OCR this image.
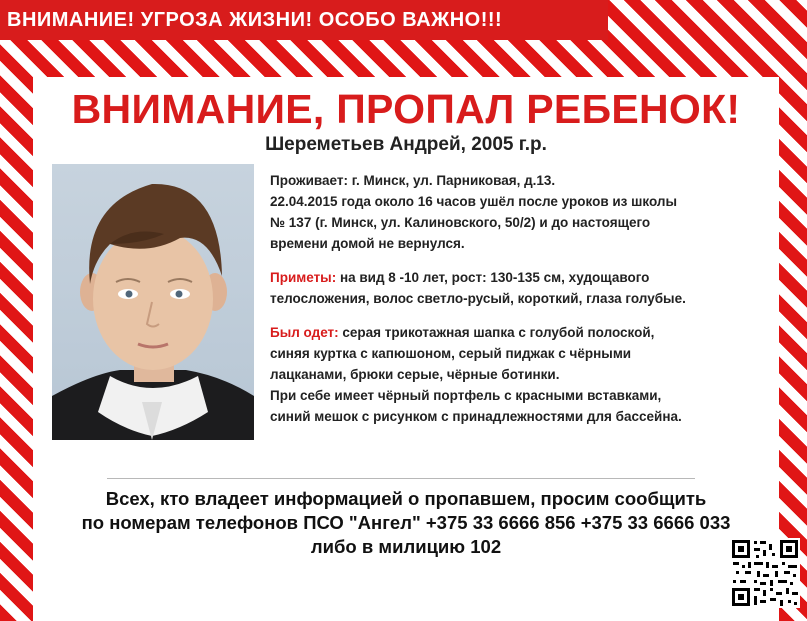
ВНИМАНИЕ! УГРОЗА ЖИЗНИ! ОСОБО ВАЖНО!!!
ВНИМАНИЕ, ПРОПАЛ РЕБЕНОК!
Шереметьев Андрей, 2005 г.р.

Проживает: г. Минск, ул. Парниковая, д.13.
22.04.2015 года около 16 часов ушёл после уроков из школы
№ 137 (г. Минск, ул. Калиновского, 50/2) и до настоящего
времени домой не вернулся.

Приметы: на вид 8 -10 лет, рост: 130-135 см, худощавого
телосложения, волос светло-русый, короткий, глаза голубые.

Был одет: серая трикотажная шапка с голубой полоской,
синяя куртка с капюшоном, серый пиджак с чёрными
лацканами, брюки серые, чёрные ботинки.
При себе имеет чёрный портфель с красными вставками,
синий мешок с рисунком с принадлежностями для бассейна.

Всех, кто владеет информацией о пропавшем, просим сообщить
по номерам телефонов ПСО "Ангел" +375 33 6666 856 +375 33 6666 033
либо в милицию 102
